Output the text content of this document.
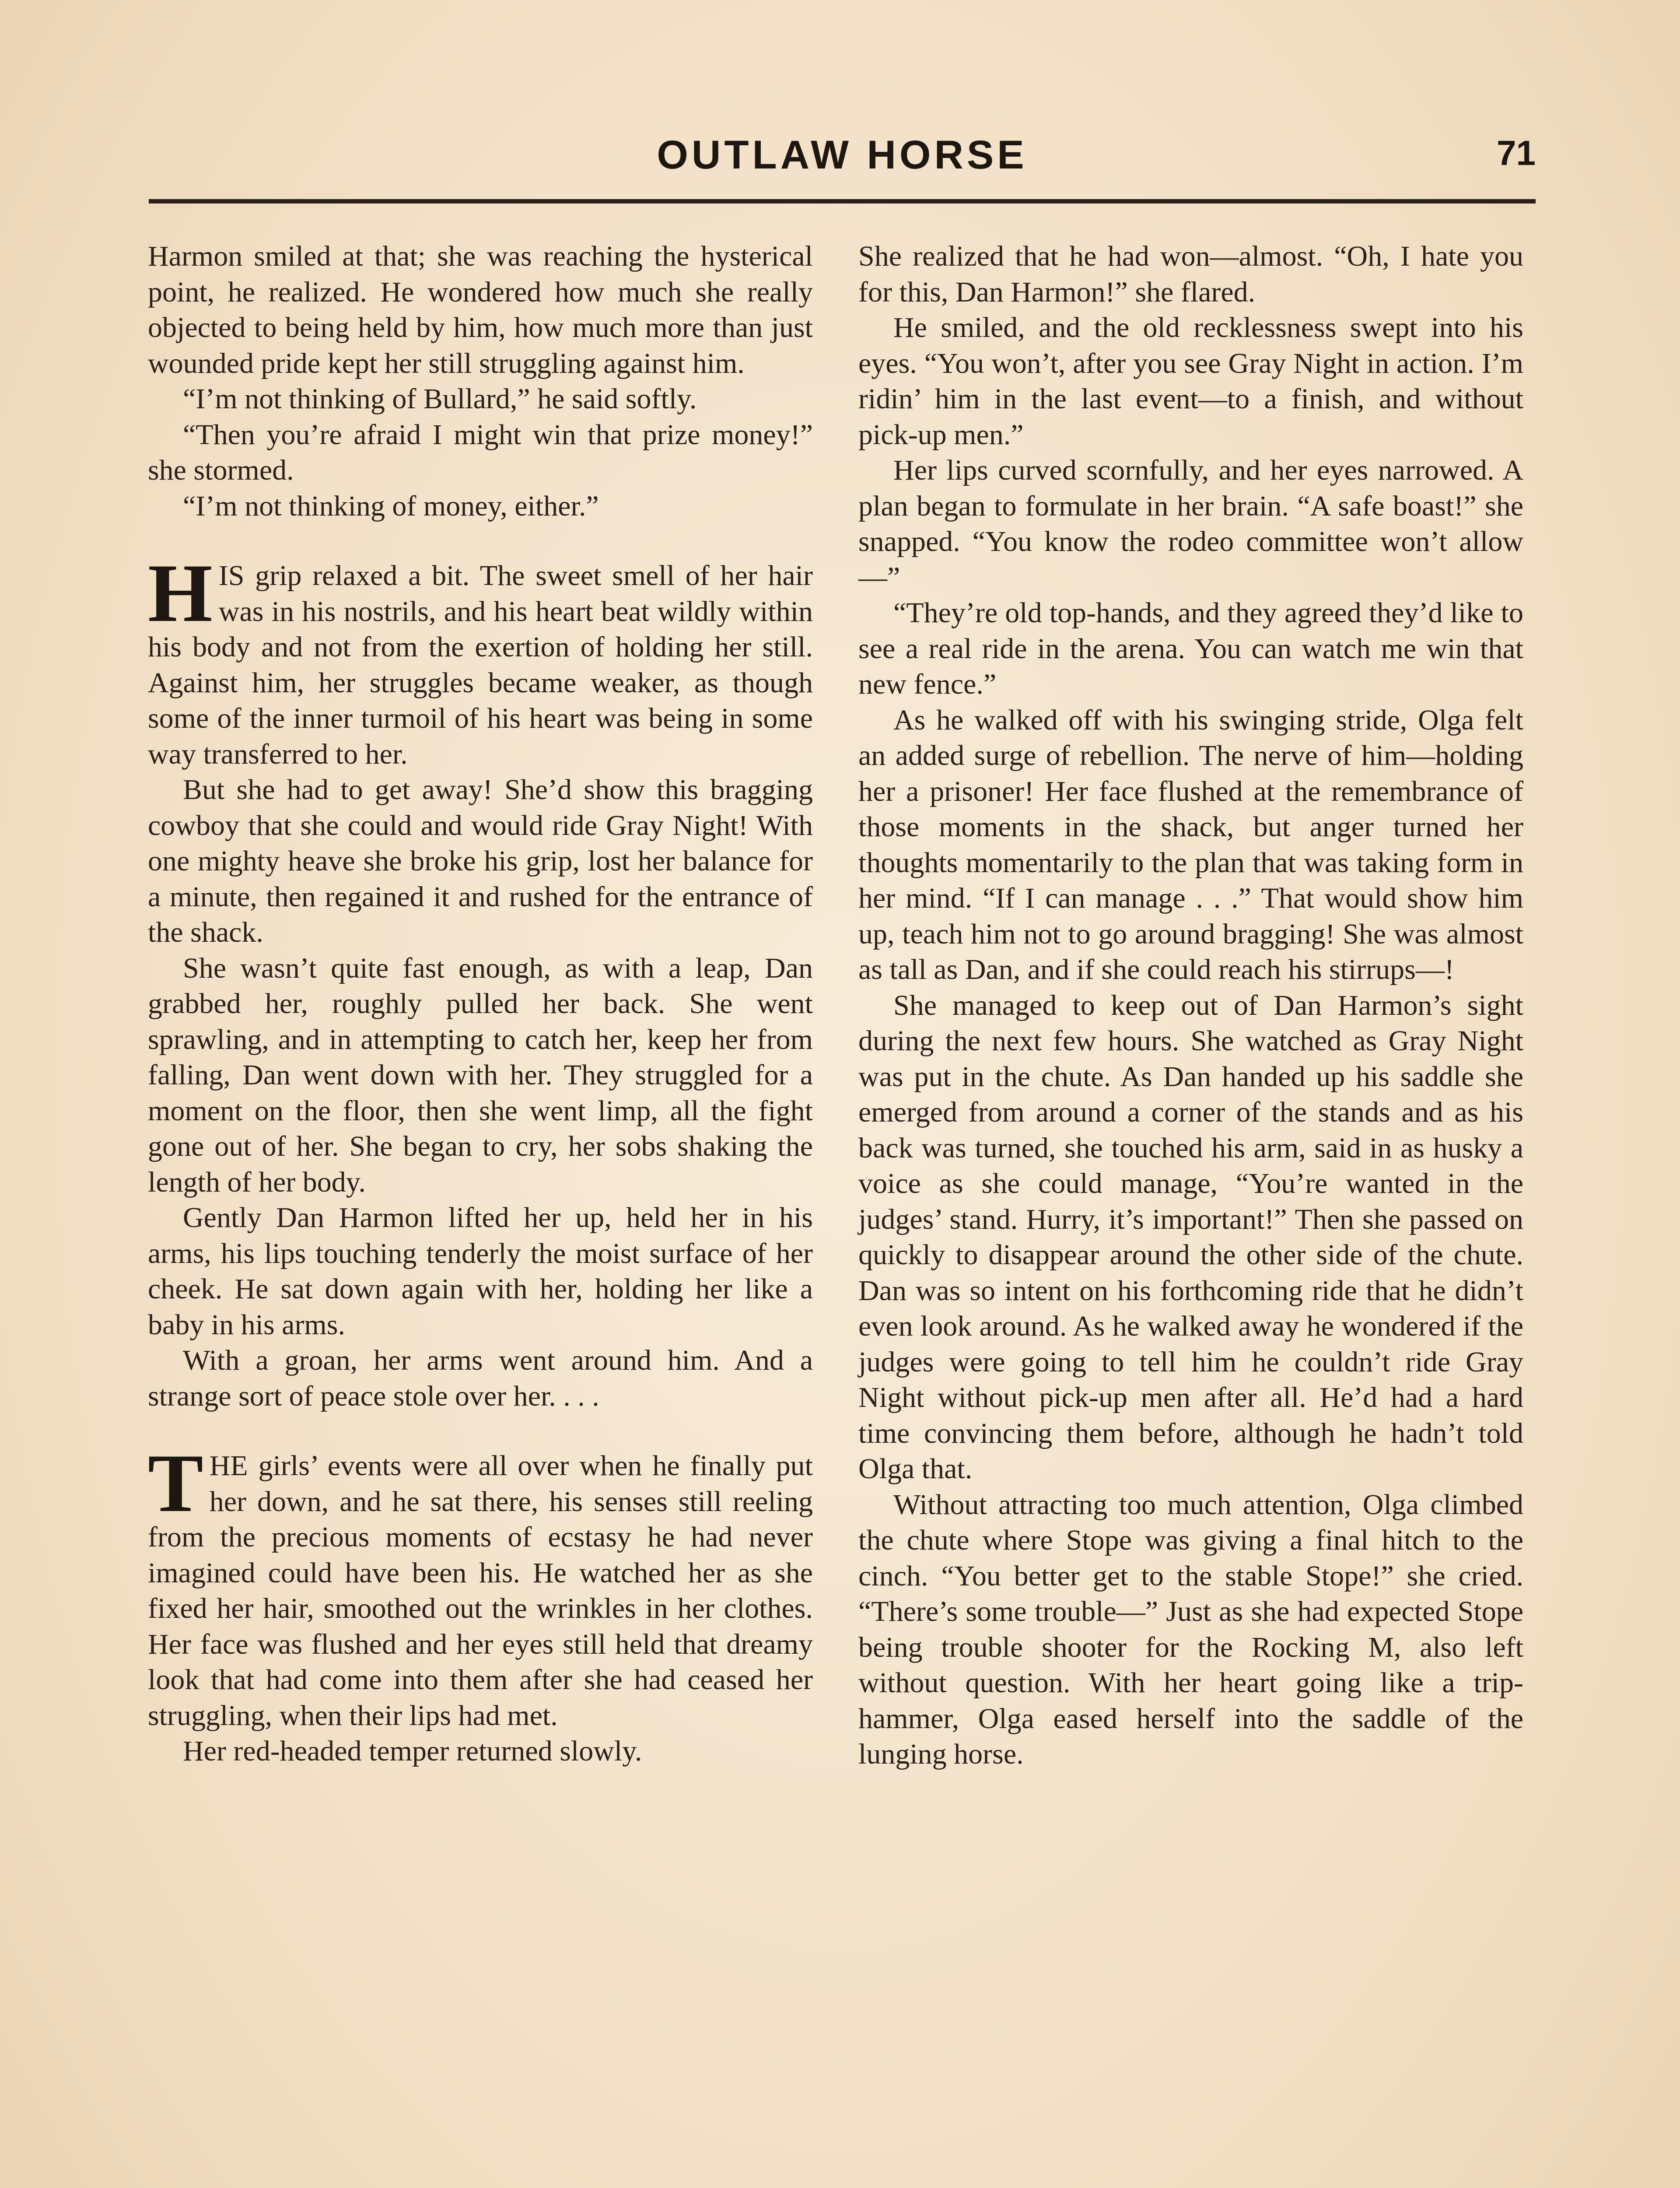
OUTLAW HORSE	71

Harmon smiled at that; she was reaching the hysterical point, he realized. He wondered how much she really objected to being held by him, how much more than just wounded pride kept her still struggling against him.

“I’m not thinking of Bullard,” he said softly.

“Then you’re afraid I might win that prize money!” she stormed.

“I’m not thinking of money, either.”

HIS grip relaxed a bit. The sweet smell of her hair was in his nostrils, and his heart beat wildly within his body and not from the exertion of holding her still. Against him, her struggles became weaker, as though some of the inner turmoil of his heart was being in some way transferred to her.

But she had to get away! She’d show this bragging cowboy that she could and would ride Gray Night! With one mighty heave she broke his grip, lost her balance for a minute, then regained it and rushed for the entrance of the shack.

She wasn’t quite fast enough, as with a leap, Dan grabbed her, roughly pulled her back. She went sprawling, and in attempting to catch her, keep her from falling, Dan went down with her. They struggled for a moment on the floor, then she went limp, all the fight gone out of her. She began to cry, her sobs shaking the length of her body.

Gently Dan Harmon lifted her up, held her in his arms, his lips touching tenderly the moist surface of her cheek. He sat down again with her, holding her like a baby in his arms.

With a groan, her arms went around him. And a strange sort of peace stole over her. . . .

THE girls’ events were all over when he finally put her down, and he sat there, his senses still reeling from the precious moments of ecstasy he had never imagined could have been his. He watched her as she fixed her hair, smoothed out the wrinkles in her clothes. Her face was flushed and her eyes still held that dreamy look that had come into them after she had ceased her struggling, when their lips had met.

Her red-headed temper returned slowly.

She realized that he had won—almost. “Oh, I hate you for this, Dan Harmon!” she flared.

He smiled, and the old recklessness swept into his eyes. “You won’t, after you see Gray Night in action. I’m ridin’ him in the last event—to a finish, and without pick-up men.”

Her lips curved scornfully, and her eyes narrowed. A plan began to formulate in her brain. “A safe boast!” she snapped. “You know the rodeo committee won’t allow—”

“They’re old top-hands, and they agreed they’d like to see a real ride in the arena. You can watch me win that new fence.”

As he walked off with his swinging stride, Olga felt an added surge of rebellion. The nerve of him—holding her a prisoner! Her face flushed at the remembrance of those moments in the shack, but anger turned her thoughts momentarily to the plan that was taking form in her mind. “If I can manage . . .” That would show him up, teach him not to go around bragging! She was almost as tall as Dan, and if she could reach his stirrups—!

She managed to keep out of Dan Harmon’s sight during the next few hours. She watched as Gray Night was put in the chute. As Dan handed up his saddle she emerged from around a corner of the stands and as his back was turned, she touched his arm, said in as husky a voice as she could manage, “You’re wanted in the judges’ stand. Hurry, it’s important!” Then she passed on quickly to disappear around the other side of the chute. Dan was so intent on his forthcoming ride that he didn’t even look around. As he walked away he wondered if the judges were going to tell him he couldn’t ride Gray Night without pick-up men after all. He’d had a hard time convincing them before, although he hadn’t told Olga that.

Without attracting too much attention, Olga climbed the chute where Stope was giving a final hitch to the cinch. “You better get to the stable Stope!” she cried. “There’s some trouble—” Just as she had expected Stope being trouble shooter for the Rocking M, also left without question. With her heart going like a trip-hammer, Olga eased herself into the saddle of the lunging horse.
